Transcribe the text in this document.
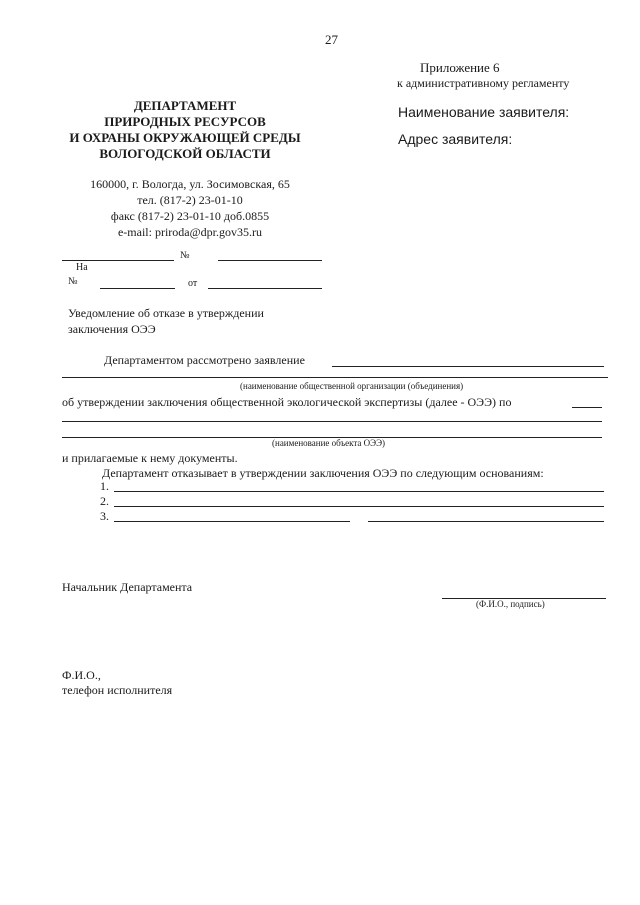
27
Приложение 6
к административному регламенту
ДЕПАРТАМЕНТ
ПРИРОДНЫХ РЕСУРСОВ
И ОХРАНЫ ОКРУЖАЮЩЕЙ СРЕДЫ
ВОЛОГОДСКОЙ ОБЛАСТИ
160000, г. Вологда, ул. Зосимовская, 65
тел. (817-2) 23-01-10
факс (817-2) 23-01-10 доб.0855
e-mail: priroda@dpr.gov35.ru
Наименование заявителя:
Адрес заявителя:
№
На
№	от
Уведомление об отказе в утверждении
заключения ОЭЭ
Департаментом рассмотрено заявление
(наименование общественной организации (объединения)
об утверждении заключения общественной экологической экспертизы (далее - ОЭЭ) по
(наименование объекта ОЭЭ)
и прилагаемые к нему документы.
Департамент отказывает в утверждении заключения ОЭЭ по следующим основаниям:
1.
2.
3.
Начальник Департамента
(Ф.И.О., подпись)
Ф.И.О.,
телефон исполнителя
